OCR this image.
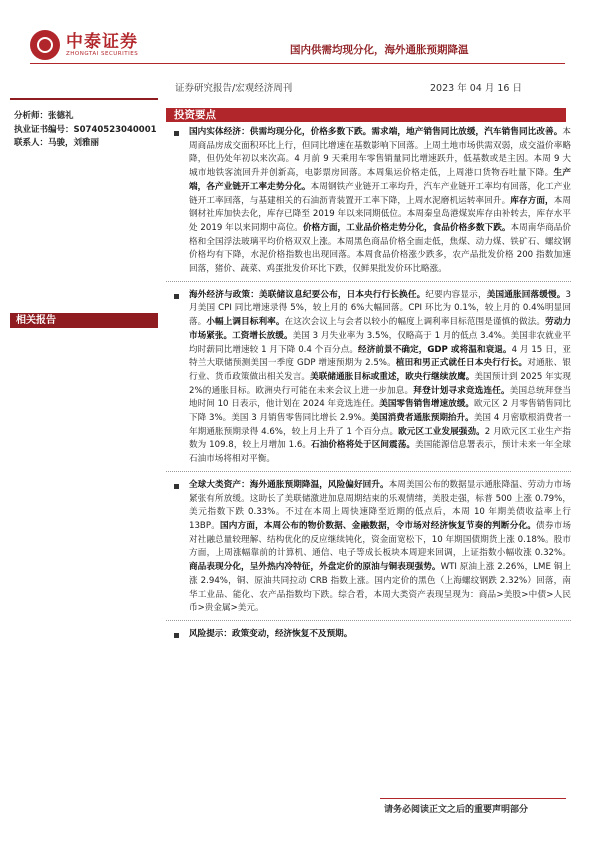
中泰证券
ZHONGTAI SECURITIES	国内供需均现分化，海外通胀预期降温
证券研究报告/宏观经济周刊	2023 年 04 月 16 日
分析师：张德礼
执业证书编号：S0740523040001
联系人：马骏，刘雅丽
相关报告
投资要点
国内实体经济：供需均现分化，价格多数下跌。需求端，地产销售同比放缓，汽车销售同比改善。本周商品房成交面积环比上行，但同比增速在基数影响下回落。上周土地市场供需双弱，成交溢价率略降，但仍处年初以来次高。4 月前 9 天乘用车零售销量同比增速跃升，低基数或是主因。本周 9 大城市地铁客流回升并创新高，电影票房回落。本周集运价格走低，上周港口货物吞吐量下降。生产端，各产业链开工率走势分化。本周钢铁产业链开工率均升，汽车产业链开工率均有回落，化工产业链开工率回落，与基建相关的石油沥青装置开工率下降，上周水泥磨机运转率回升。库存方面，本周钢材社库加快去化，库存已降至 2019 年以来同期低位。本周秦皇岛港煤炭库存由补转去，库存水平处 2019 年以来同期中高位。价格方面，工业品价格走势分化，食品价格多数下跌。本周南华商品价格和全国浮法玻璃平均价格双双上涨。本周黑色商品价格全面走低，焦煤、动力煤、铁矿石、螺纹钢价格均有下降，水泥价格指数也出现回落。本周食品价格涨少跌多，农产品批发价格 200 指数加速回落，猪价、蔬菜、鸡蛋批发价环比下跌，仅鲜果批发价环比略涨。
海外经济与政策：美联储议息纪要公布，日本央行行长换任。纪要内容显示，美国通胀回落缓慢。3 月美国 CPI 同比增速录得 5%，较上月的 6%大幅回落。CPI 环比为 0.1%，较上月的 0.4%明显回落。小幅上调目标利率。在这次会议上与会者以较小的幅度上调利率目标范围是谨慎的做法。劳动力市场紧张。工资增长放缓。美国 3 月失业率为 3.5%，仅略高于 1 月的低点 3.4%。美国非农就业平均时薪同比增速较 1 月下降 0.4 个百分点。经济前景不确定，GDP 或将温和衰退。4 月 15 日，亚特兰大联储预测美国一季度 GDP 增速预期为 2.5%。植田和男正式就任日本央行行长。对通胀、银行业、货币政策做出相关发言。美联储通胀目标或重述，欧央行继续放鹰。美国预计到 2025 年实现 2%的通胀目标。欧洲央行可能在未来会议上进一步加息。拜登计划寻求竞选连任。美国总统拜登当地时间 10 日表示，他计划在 2024 年竞选连任。美国零售销售增速放缓。欧元区 2 月零售销售同比下降 3%。美国 3 月销售零售同比增长 2.9%。美国消费者通胀预期抬升。美国 4 月密歇根消费者一年期通胀预期录得 4.6%，较上月上升了 1 个百分点。欧元区工业发展强劲。2 月欧元区工业生产指数为 109.8，较上月增加 1.6。石油价格将处于区间震荡。美国能源信息署表示，预计未来一年全球石油市场将相对平衡。
全球大类资产：海外通胀预期降温，风险偏好回升。本周美国公布的数据显示通胀降温、劳动力市场紧张有所放缓。这助长了美联储激进加息周期结束的乐观情绪，美股走强，标普 500 上涨 0.79%，美元指数下跌 0.33%。不过在本周上周快速降至近期的低点后，本周 10 年期美债收益率上行 13BP。国内方面，本周公布的物价数据、金融数据，令市场对经济恢复节奏的判断分化。债券市场对社融总量较理解、结构优化的反应继续钝化，资金面宽松下，10 年期国债期货上涨 0.18%。股市方面，上周涨幅靠前的计算机、通信、电子等成长板块本周迎来回调，上证指数小幅收涨 0.32%。商品表现分化，呈外热内冷特征，外盘定价的原油与铜表现强势。WTI 原油上涨 2.26%，LME 铜上涨 2.94%，铜、原油共同拉动 CRB 指数上涨。国内定价的黑色（上海螺纹钢跌 2.32%）回落，南华工业品、能化、农产品指数均下跌。综合看，本周大类资产表现呈现为：商品>美股>中债>人民币>贵金属>美元。
风险提示：政策变动，经济恢复不及预期。
请务必阅读正文之后的重要声明部分
